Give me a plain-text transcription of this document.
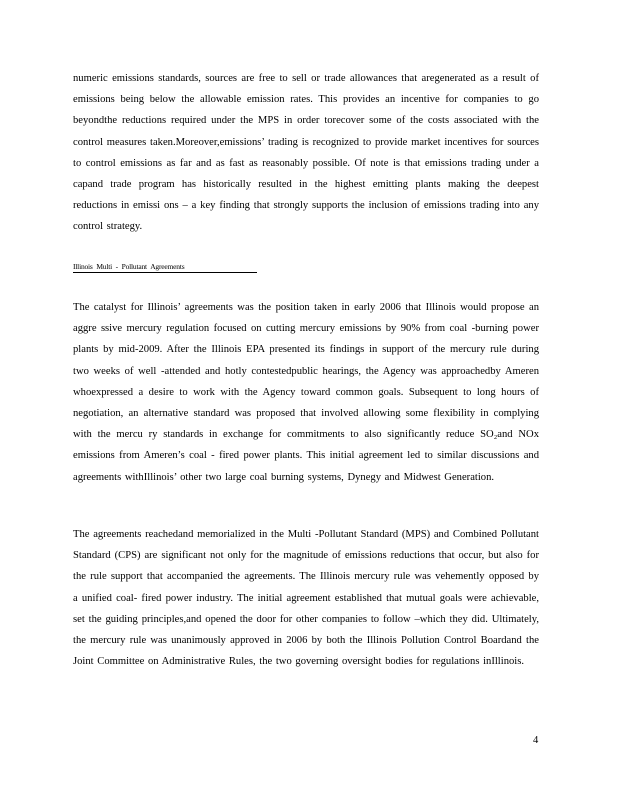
numeric emissions standards, sources are free to sell or trade allowances that aregenerated as a result of emissions being below the allowable emission rates. This provides an incentive for companies to go beyondthe reductions required under the MPS in order torecover some of the costs associated with the control measures taken.Moreover,emissions’ trading is recognized to provide market incentives for sources to control emissions as far and as fast as reasonably possible. Of note is that emissions trading under a capand trade program has historically resulted in the highest emitting plants making the deepest reductions in emissi ons – a key finding that strongly supports the inclusion of emissions trading into any control strategy.

Illinois Multi - Pollutant Agreements

The catalyst for Illinois’ agreements was the position taken in early 2006 that Illinois would propose an aggre ssive mercury regulation focused on cutting mercury emissions by 90% from coal -burning power plants by mid-2009. After the Illinois EPA presented its findings in support of the mercury rule during two weeks of well -attended and hotly contestedpublic hearings, the Agency was approachedby Ameren whoexpressed a desire to work with the Agency toward common goals. Subsequent to long hours of negotiation, an alternative standard was proposed that involved allowing some flexibility in complying with the mercu ry standards in exchange for commitments to also significantly reduce SO₂and NOx emissions from Ameren’s coal - fired power plants. This initial agreement led to similar discussions and agreements withIllinois’ other two large coal burning systems, Dynegy and Midwest Generation.

The agreements reachedand memorialized in the Multi -Pollutant Standard (MPS) and Combined Pollutant Standard (CPS) are significant not only for the magnitude of emissions reductions that occur, but also for the rule support that accompanied the agreements. The Illinois mercury rule was vehemently opposed by a unified coal- fired power industry. The initial agreement established that mutual goals were achievable, set the guiding principles,and opened the door for other companies to follow –which they did. Ultimately, the mercury rule was unanimously approved in 2006 by both the Illinois Pollution Control Boardand the Joint Committee on Administrative Rules, the two governing oversight bodies for regulations inIllinois.

4
